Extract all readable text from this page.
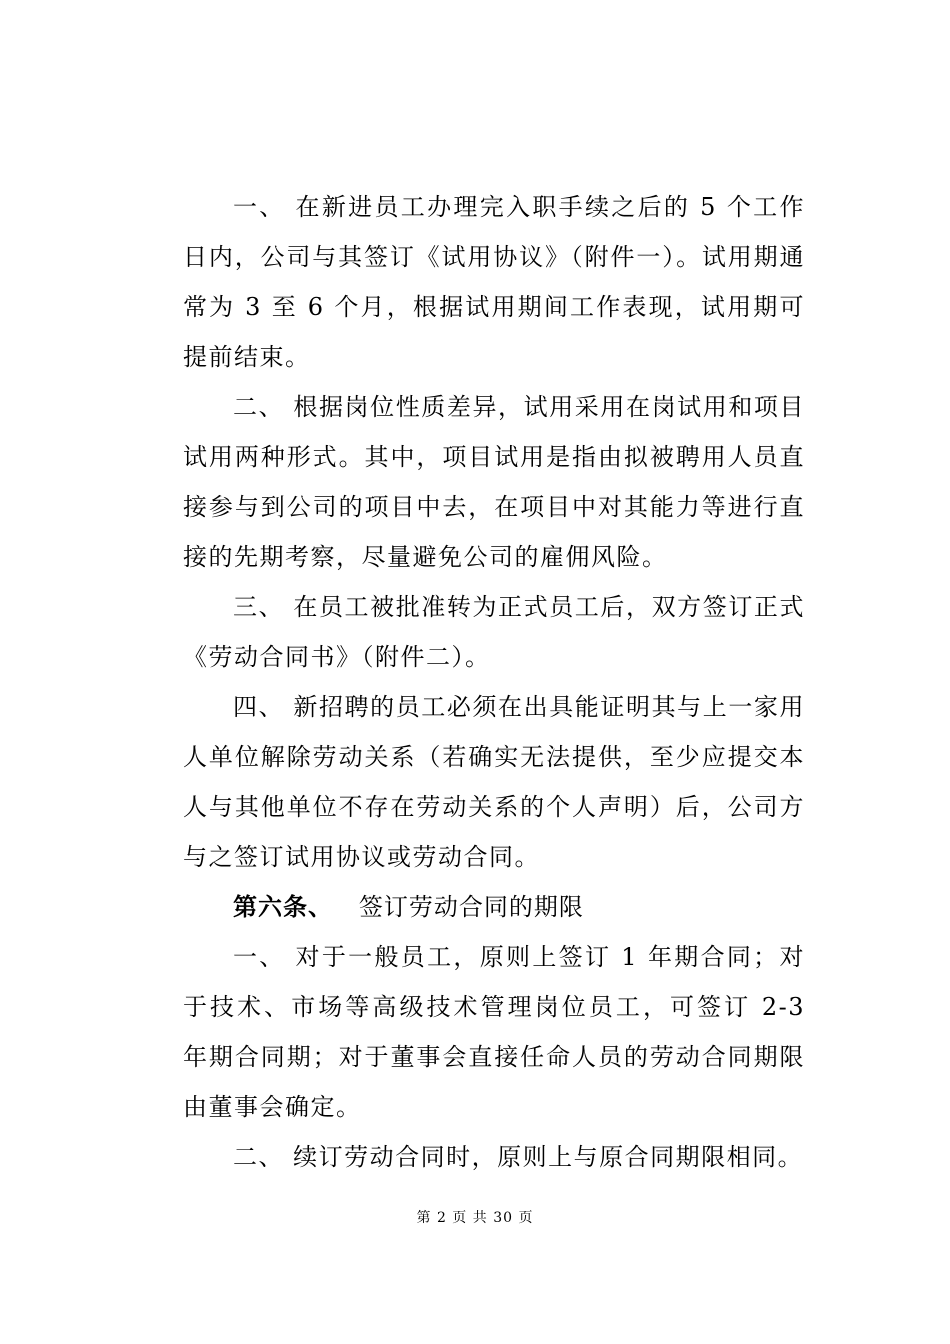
一、 在新进员工办理完入职手续之后的 5 个工作日内，公司与其签订《试用协议》（附件一）。试用期通常为 3 至 6 个月，根据试用期间工作表现，试用期可提前结束。

二、 根据岗位性质差异，试用采用在岗试用和项目试用两种形式。其中，项目试用是指由拟被聘用人员直接参与到公司的项目中去，在项目中对其能力等进行直接的先期考察，尽量避免公司的雇佣风险。

三、 在员工被批准转为正式员工后，双方签订正式《劳动合同书》（附件二）。

四、 新招聘的员工必须在出具能证明其与上一家用人单位解除劳动关系（若确实无法提供，至少应提交本人与其他单位不存在劳动关系的个人声明）后，公司方与之签订试用协议或劳动合同。

第六条、 签订劳动合同的期限

一、 对于一般员工，原则上签订 1 年期合同；对于技术、市场等高级技术管理岗位员工，可签订 2-3 年期合同期；对于董事会直接任命人员的劳动合同期限由董事会确定。

二、 续订劳动合同时，原则上与原合同期限相同。

第 2 页 共 30 页
